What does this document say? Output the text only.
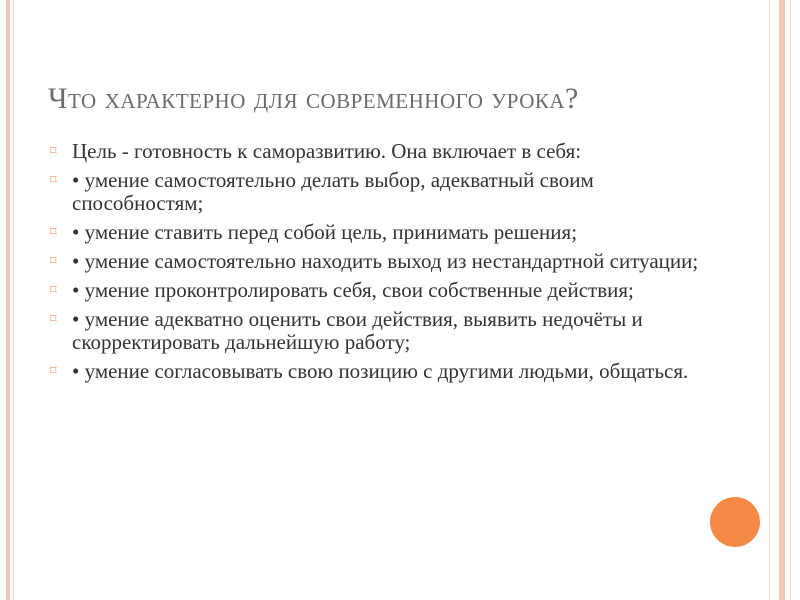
Что характерно для современного урока?
⌑ Цель - готовность к саморазвитию. Она включает в себя:
⌑ • умение самостоятельно делать выбор, адекватный своим способностям;
⌑ • умение ставить перед собой цель, принимать решения;
⌑ • умение самостоятельно находить выход из нестандартной ситуации;
⌑ • умение проконтролировать себя, свои собственные действия;
⌑ • умение адекватно оценить свои действия, выявить недочёты и скорректировать дальнейшую работу;
⌑ • умение согласовывать свою позицию с другими людьми, общаться.
